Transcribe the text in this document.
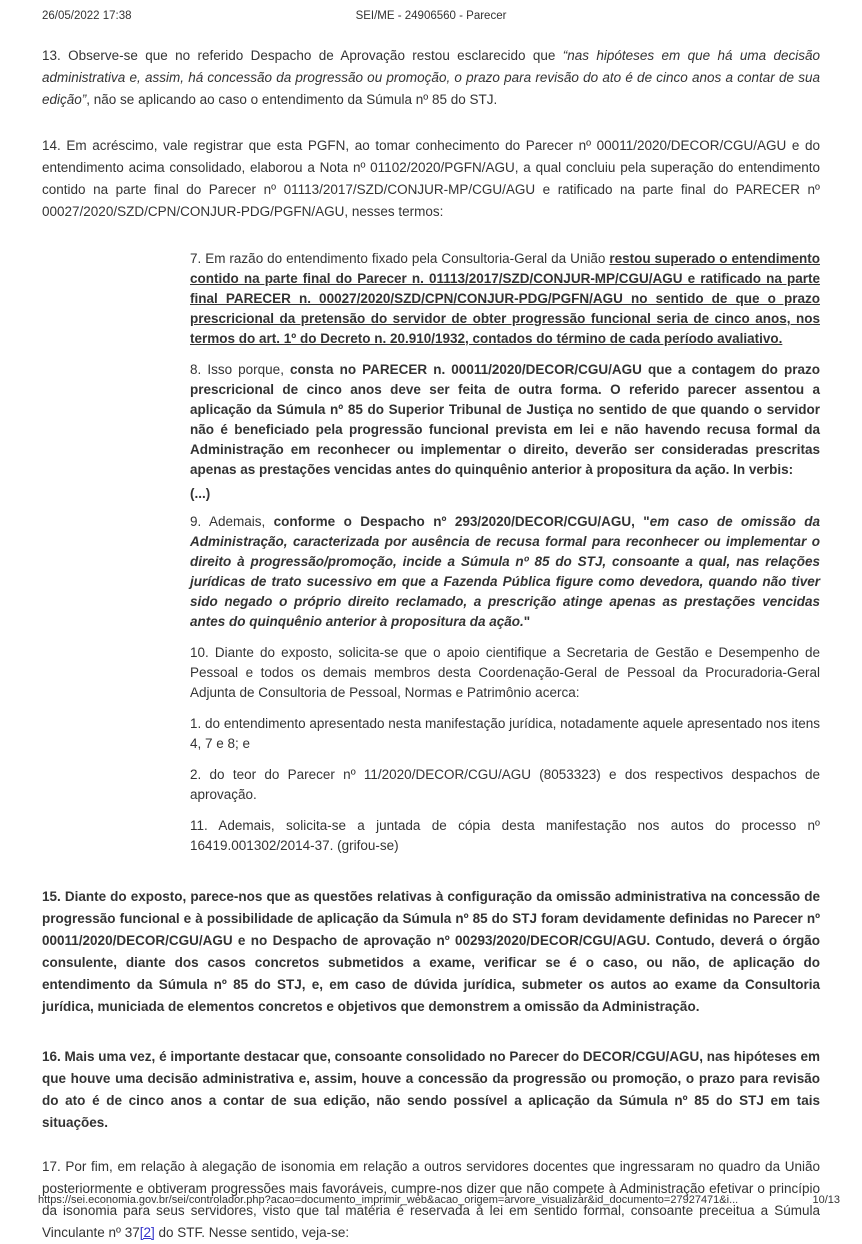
26/05/2022 17:38	SEI/ME - 24906560 - Parecer

13. Observe-se que no referido Despacho de Aprovação restou esclarecido que “nas hipóteses em que há uma decisão administrativa e, assim, há concessão da progressão ou promoção, o prazo para revisão do ato é de cinco anos a contar de sua edição”, não se aplicando ao caso o entendimento da Súmula nº 85 do STJ.

14. Em acréscimo, vale registrar que esta PGFN, ao tomar conhecimento do Parecer nº 00011/2020/DECOR/CGU/AGU e do entendimento acima consolidado, elaborou a Nota nº 01102/2020/PGFN/AGU, a qual concluiu pela superação do entendimento contido na parte final do Parecer nº 01113/2017/SZD/CONJUR-MP/CGU/AGU e ratificado na parte final do PARECER nº 00027/2020/SZD/CPN/CONJUR-PDG/PGFN/AGU, nesses termos:

7. Em razão do entendimento fixado pela Consultoria-Geral da União restou superado o entendimento contido na parte final do Parecer n. 01113/2017/SZD/CONJUR-MP/CGU/AGU e ratificado na parte final PARECER n. 00027/2020/SZD/CPN/CONJUR-PDG/PGFN/AGU no sentido de que o prazo prescricional da pretensão do servidor de obter progressão funcional seria de cinco anos, nos termos do art. 1º do Decreto n. 20.910/1932, contados do término de cada período avaliativo.

8. Isso porque, consta no PARECER n. 00011/2020/DECOR/CGU/AGU que a contagem do prazo prescricional de cinco anos deve ser feita de outra forma. O referido parecer assentou a aplicação da Súmula nº 85 do Superior Tribunal de Justiça no sentido de que quando o servidor não é beneficiado pela progressão funcional prevista em lei e não havendo recusa formal da Administração em reconhecer ou implementar o direito, deverão ser consideradas prescritas apenas as prestações vencidas antes do quinquênio anterior à propositura da ação. In verbis:

(...)

9. Ademais, conforme o Despacho nº 293/2020/DECOR/CGU/AGU, "em caso de omissão da Administração, caracterizada por ausência de recusa formal para reconhecer ou implementar o direito à progressão/promoção, incide a Súmula nº 85 do STJ, consoante a qual, nas relações jurídicas de trato sucessivo em que a Fazenda Pública figure como devedora, quando não tiver sido negado o próprio direito reclamado, a prescrição atinge apenas as prestações vencidas antes do quinquênio anterior à propositura da ação."

10. Diante do exposto, solicita-se que o apoio cientifique a Secretaria de Gestão e Desempenho de Pessoal e todos os demais membros desta Coordenação-Geral de Pessoal da Procuradoria-Geral Adjunta de Consultoria de Pessoal, Normas e Patrimônio acerca:

1. do entendimento apresentado nesta manifestação jurídica, notadamente aquele apresentado nos itens 4, 7 e 8; e

2. do teor do Parecer nº 11/2020/DECOR/CGU/AGU (8053323) e dos respectivos despachos de aprovação.

11. Ademais, solicita-se a juntada de cópia desta manifestação nos autos do processo nº 16419.001302/2014-37. (grifou-se)

15. Diante do exposto, parece-nos que as questões relativas à configuração da omissão administrativa na concessão de progressão funcional e à possibilidade de aplicação da Súmula nº 85 do STJ foram devidamente definidas no Parecer nº 00011/2020/DECOR/CGU/AGU e no Despacho de aprovação nº 00293/2020/DECOR/CGU/AGU. Contudo, deverá o órgão consulente, diante dos casos concretos submetidos a exame, verificar se é o caso, ou não, de aplicação do entendimento da Súmula nº 85 do STJ, e, em caso de dúvida jurídica, submeter os autos ao exame da Consultoria jurídica, municiada de elementos concretos e objetivos que demonstrem a omissão da Administração.

16. Mais uma vez, é importante destacar que, consoante consolidado no Parecer do DECOR/CGU/AGU, nas hipóteses em que houve uma decisão administrativa e, assim, houve a concessão da progressão ou promoção, o prazo para revisão do ato é de cinco anos a contar de sua edição, não sendo possível a aplicação da Súmula nº 85 do STJ em tais situações.

17. Por fim, em relação à alegação de isonomia em relação a outros servidores docentes que ingressaram no quadro da União posteriormente e obtiveram progressões mais favoráveis, cumpre-nos dizer que não compete à Administração efetivar o princípio da isonomia para seus servidores, visto que tal matéria é reservada à lei em sentido formal, consoante preceitua a Súmula Vinculante nº 37[2] do STF. Nesse sentido, veja-se:

https://sei.economia.gov.br/sei/controlador.php?acao=documento_imprimir_web&acao_origem=arvore_visualizar&id_documento=27927471&i...	10/13
